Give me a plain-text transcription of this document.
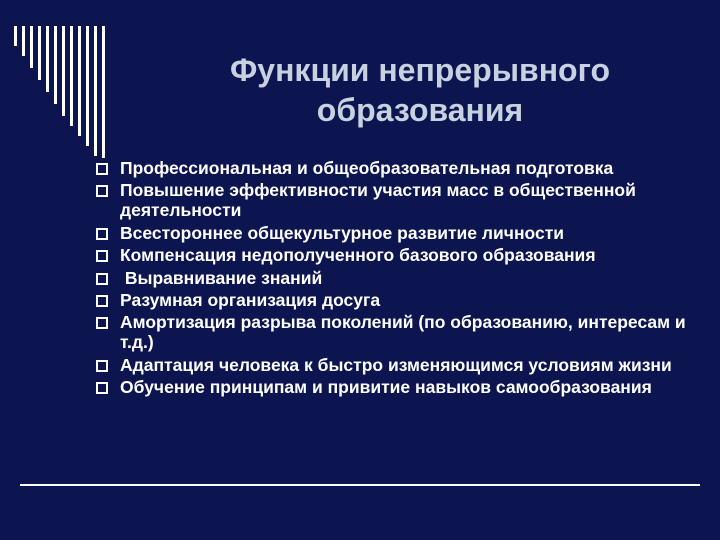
Функции непрерывного
образования
Профессиональная и общеобразовательная подготовка
Повышение эффективности участия масс в общественной деятельности
Всестороннее общекультурное развитие личности
Компенсация недополученного базового образования
Выравнивание знаний
Разумная организация досуга
Амортизация разрыва поколений (по образованию, интересам и т.д.)
Адаптация человека к быстро изменяющимся условиям жизни
Обучение принципам и привитие навыков самообразования
